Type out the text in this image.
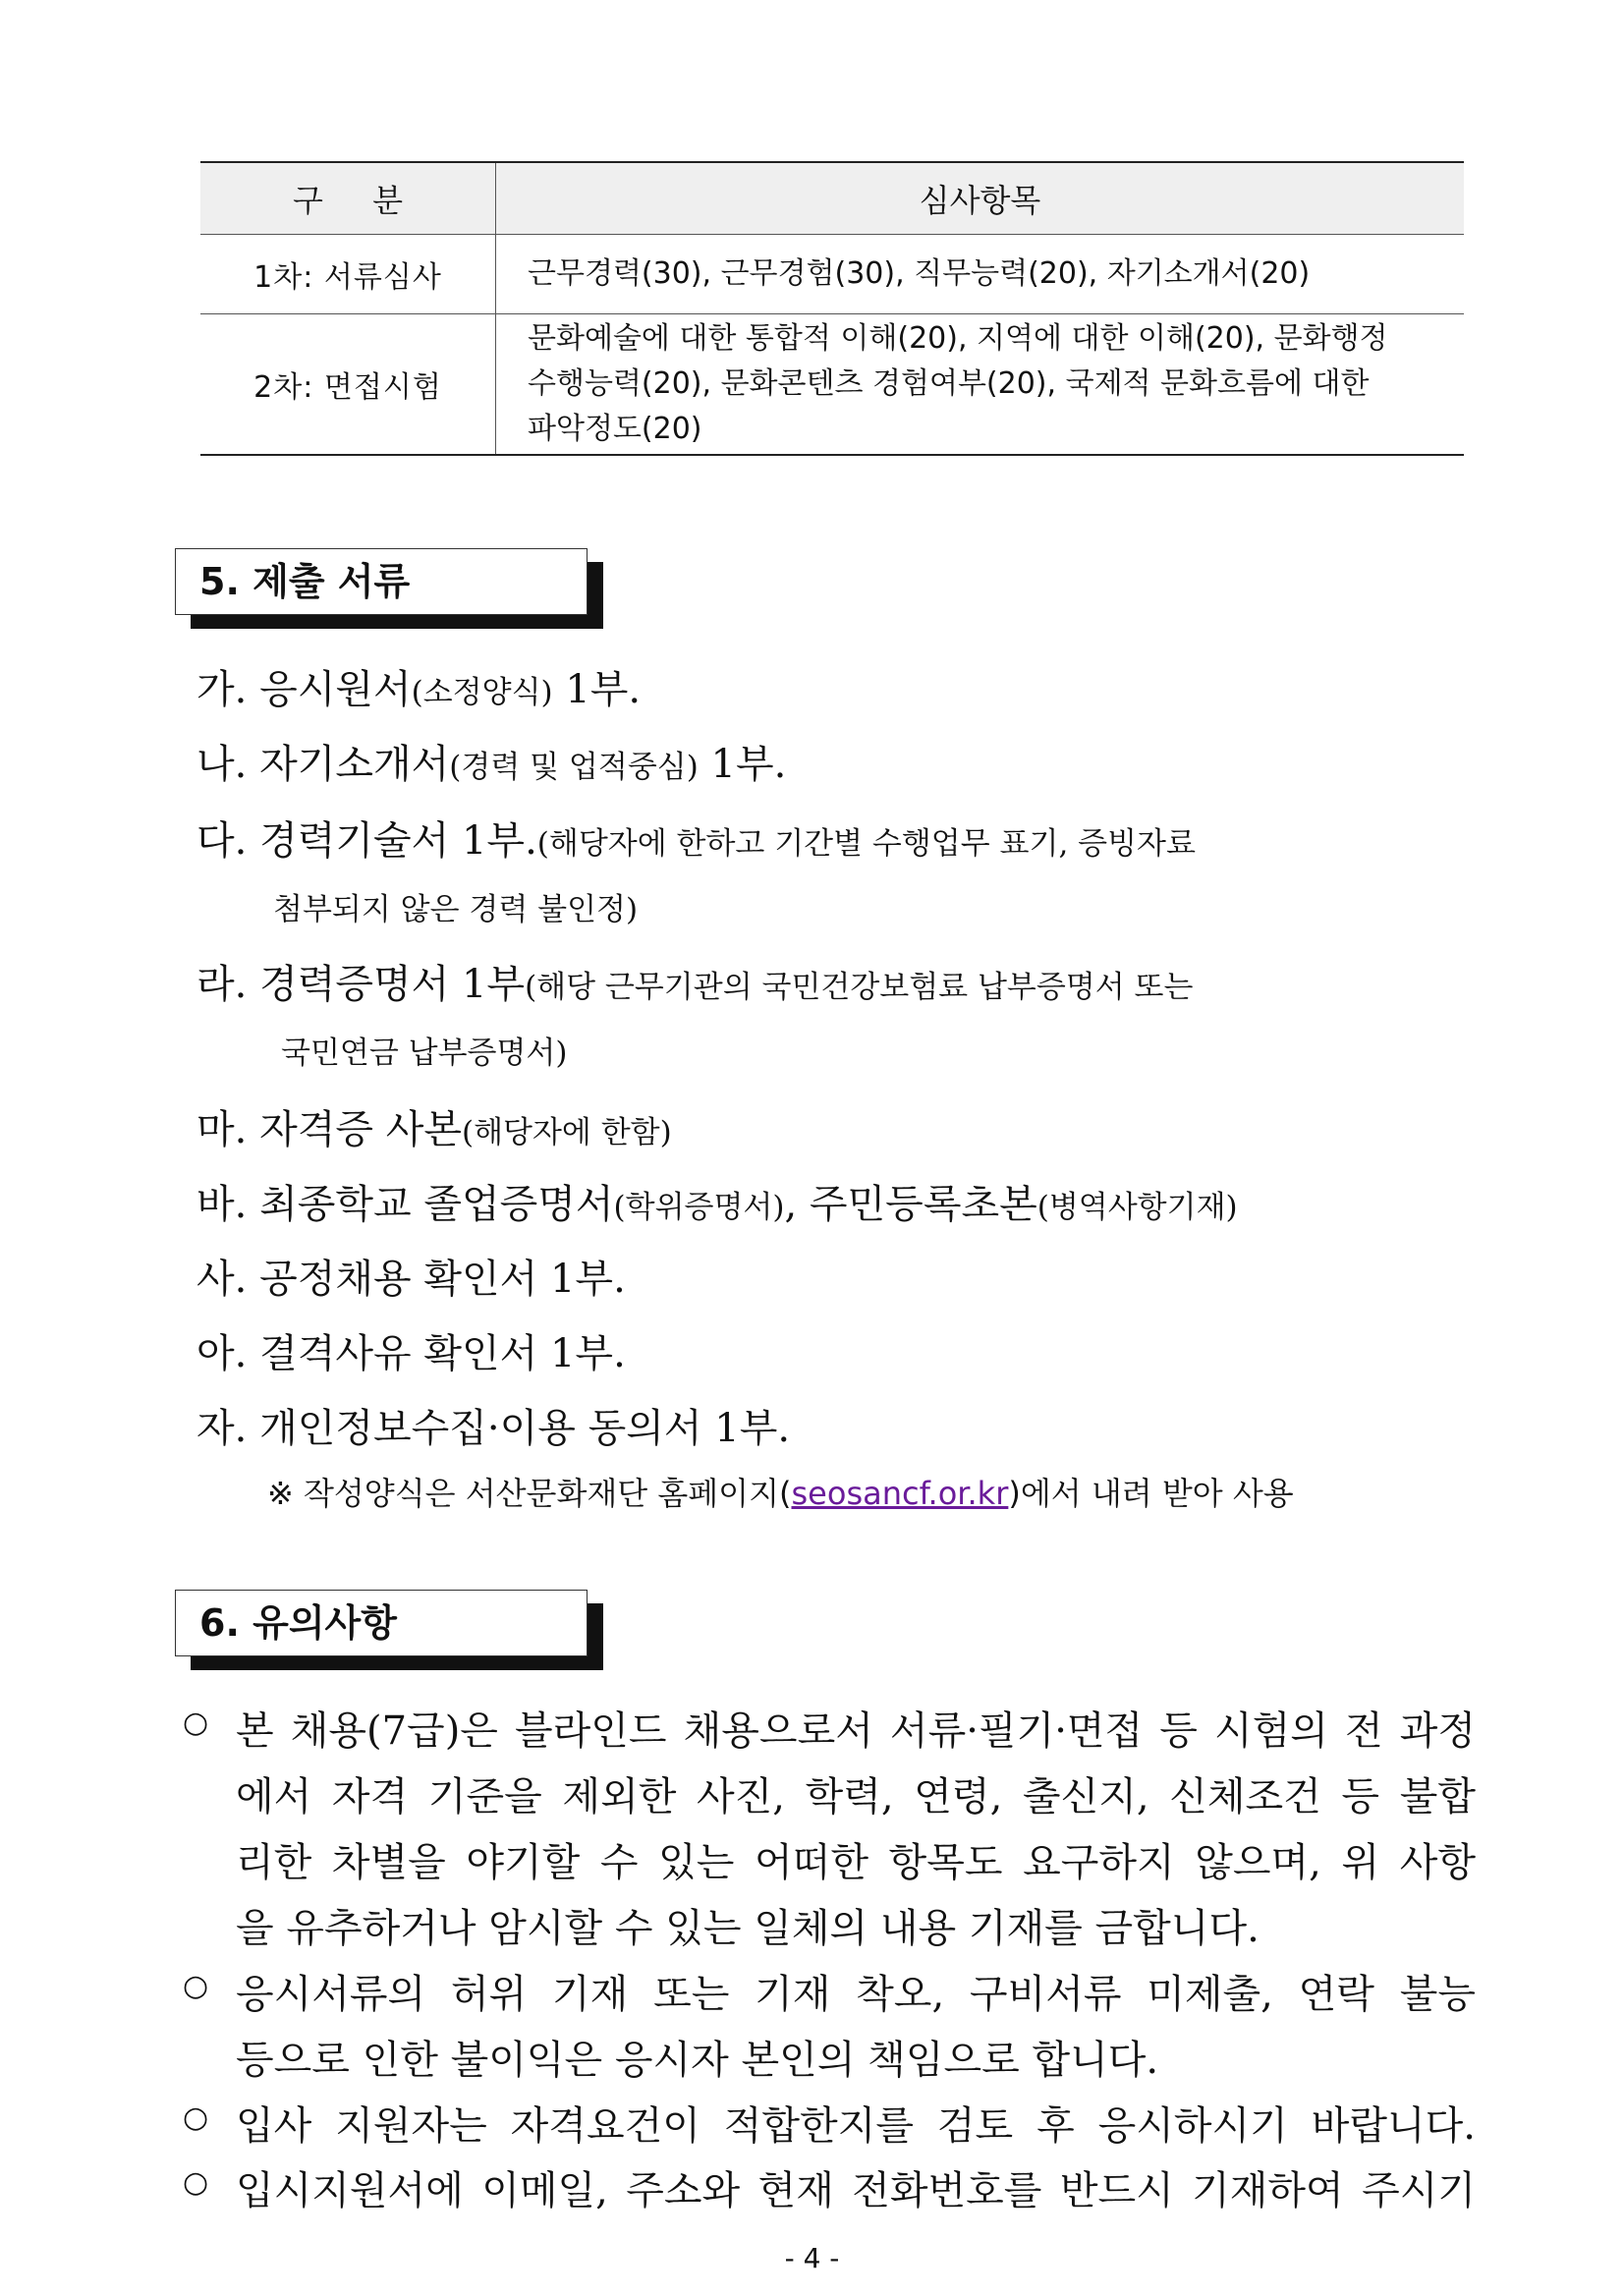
구 분	심사항목
1차: 서류심사	근무경력(30), 근무경험(30), 직무능력(20), 자기소개서(20)
2차: 면접시험	문화예술에 대한 통합적 이해(20), 지역에 대한 이해(20), 문화행정
수행능력(20), 문화콘텐츠 경험여부(20), 국제적 문화흐름에 대한
파악정도(20)
5. 제출 서류
가. 응시원서(소정양식) 1부.
나. 자기소개서(경력 및 업적중심) 1부.
다. 경력기술서 1부.(해당자에 한하고 기간별 수행업무 표기, 증빙자료
첨부되지 않은 경력 불인정)
라. 경력증명서 1부(해당 근무기관의 국민건강보험료 납부증명서 또는
국민연금 납부증명서)
마. 자격증 사본(해당자에 한함)
바. 최종학교 졸업증명서(학위증명서), 주민등록초본(병역사항기재)
사. 공정채용 확인서 1부.
아. 결격사유 확인서 1부.
자. 개인정보수집·이용 동의서 1부.
※ 작성양식은 서산문화재단 홈페이지(seosancf.or.kr)에서 내려 받아 사용
6. 유의사항
○ 본 채용(7급)은 블라인드 채용으로서 서류·필기·면접 등 시험의 전 과정
에서 자격 기준을 제외한 사진, 학력, 연령, 출신지, 신체조건 등 불합
리한 차별을 야기할 수 있는 어떠한 항목도 요구하지 않으며, 위 사항
을 유추하거나 암시할 수 있는 일체의 내용 기재를 금합니다.
○ 응시서류의 허위 기재 또는 기재 착오, 구비서류 미제출, 연락 불능
등으로 인한 불이익은 응시자 본인의 책임으로 합니다.
○ 입사 지원자는 자격요건이 적합한지를 검토 후 응시하시기 바랍니다.
○ 입시지원서에 이메일, 주소와 현재 전화번호를 반드시 기재하여 주시기
- 4 -
